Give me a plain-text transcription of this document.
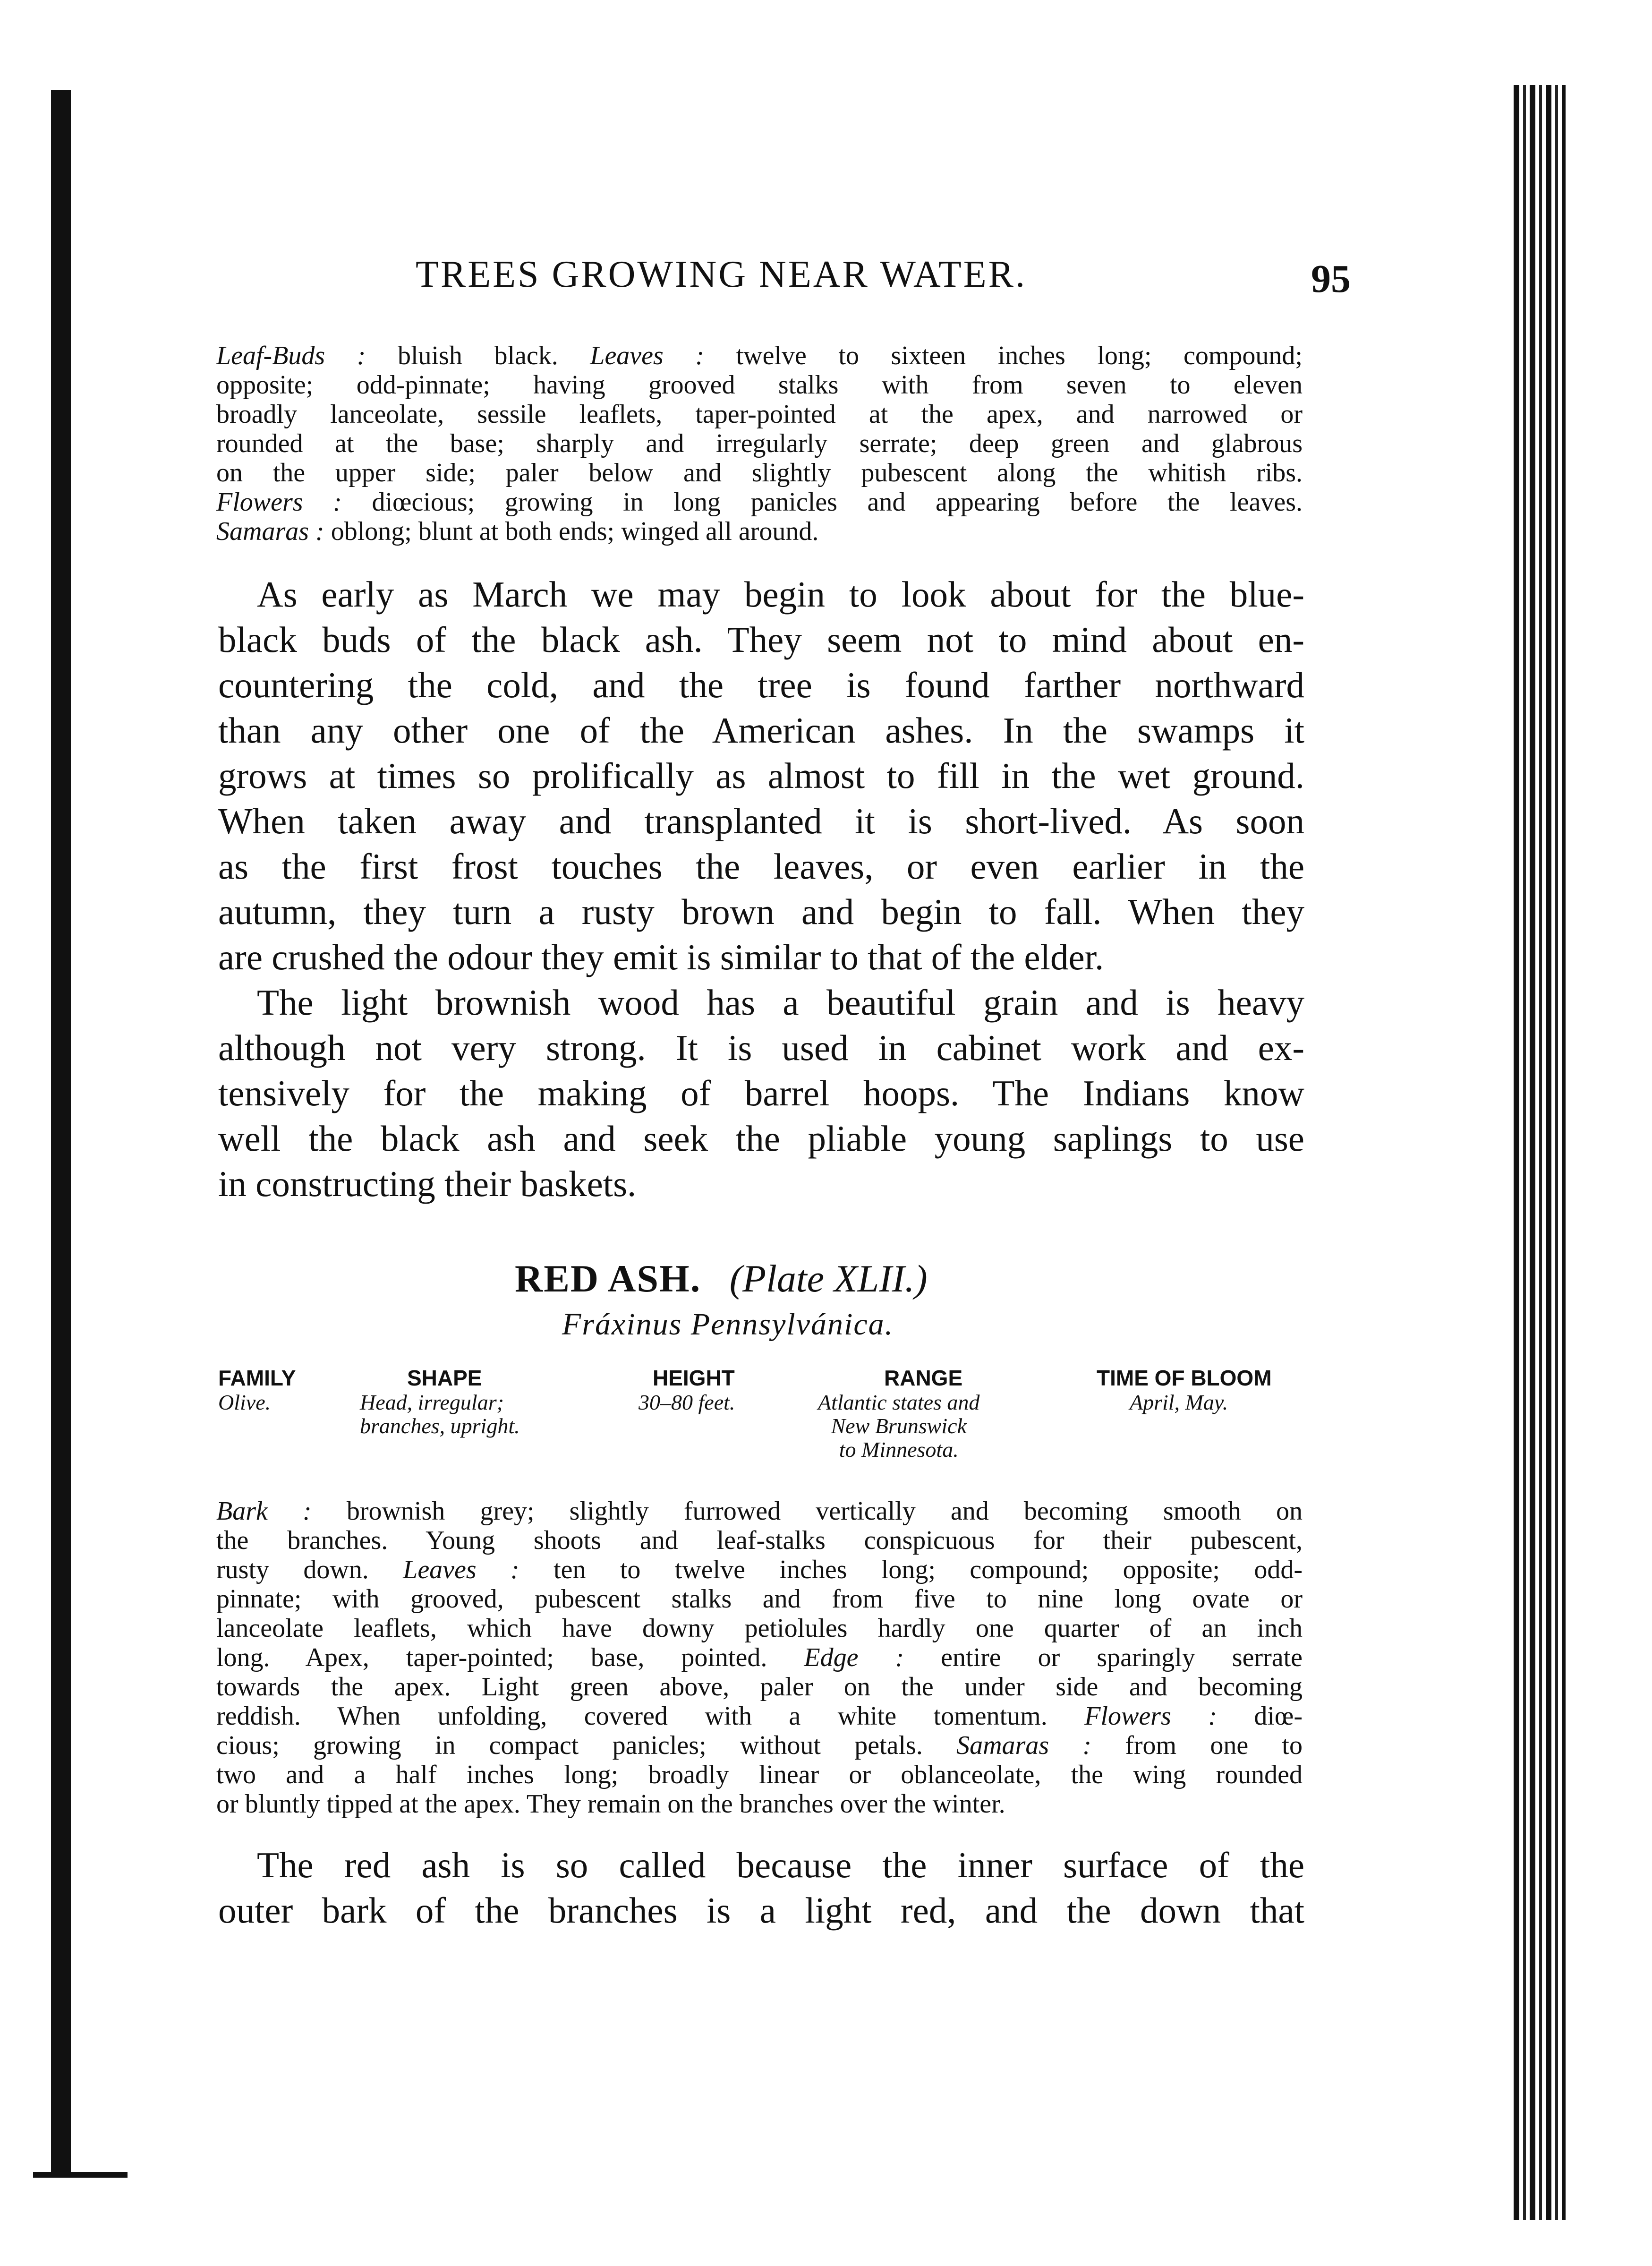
TREES GROWING NEAR WATER.	95
Leaf-Buds : bluish black. Leaves : twelve to sixteen inches long; compound;
opposite; odd-pinnate; having grooved stalks with from seven to eleven
broadly lanceolate, sessile leaflets, taper-pointed at the apex, and narrowed or
rounded at the base; sharply and irregularly serrate; deep green and glabrous
on the upper side; paler below and slightly pubescent along the whitish ribs.
Flowers : diœcious; growing in long panicles and appearing before the leaves.
Samaras : oblong; blunt at both ends; winged all around.
As early as March we may begin to look about for the blue-
black buds of the black ash. They seem not to mind about en-
countering the cold, and the tree is found farther northward
than any other one of the American ashes. In the swamps it
grows at times so prolifically as almost to fill in the wet ground.
When taken away and transplanted it is short-lived. As soon
as the first frost touches the leaves, or even earlier in the
autumn, they turn a rusty brown and begin to fall. When they
are crushed the odour they emit is similar to that of the elder.
The light brownish wood has a beautiful grain and is heavy
although not very strong. It is used in cabinet work and ex-
tensively for the making of barrel hoops. The Indians know
well the black ash and seek the pliable young saplings to use
in constructing their baskets.
RED ASH. (Plate XLII.)
Fráxinus Pennsylvánica.
FAMILY
Olive.
SHAPE
Head, irregular;
branches, upright.
HEIGHT
30–80 feet.
RANGE
Atlantic states and
New Brunswick
to Minnesota.
TIME OF BLOOM
April, May.
Bark : brownish grey; slightly furrowed vertically and becoming smooth on
the branches. Young shoots and leaf-stalks conspicuous for their pubescent,
rusty down. Leaves : ten to twelve inches long; compound; opposite; odd-
pinnate; with grooved, pubescent stalks and from five to nine long ovate or
lanceolate leaflets, which have downy petiolules hardly one quarter of an inch
long. Apex, taper-pointed; base, pointed. Edge : entire or sparingly serrate
towards the apex. Light green above, paler on the under side and becoming
reddish. When unfolding, covered with a white tomentum. Flowers : diœ-
cious; growing in compact panicles; without petals. Samaras : from one to
two and a half inches long; broadly linear or oblanceolate, the wing rounded
or bluntly tipped at the apex. They remain on the branches over the winter.
The red ash is so called because the inner surface of the
outer bark of the branches is a light red, and the down that
